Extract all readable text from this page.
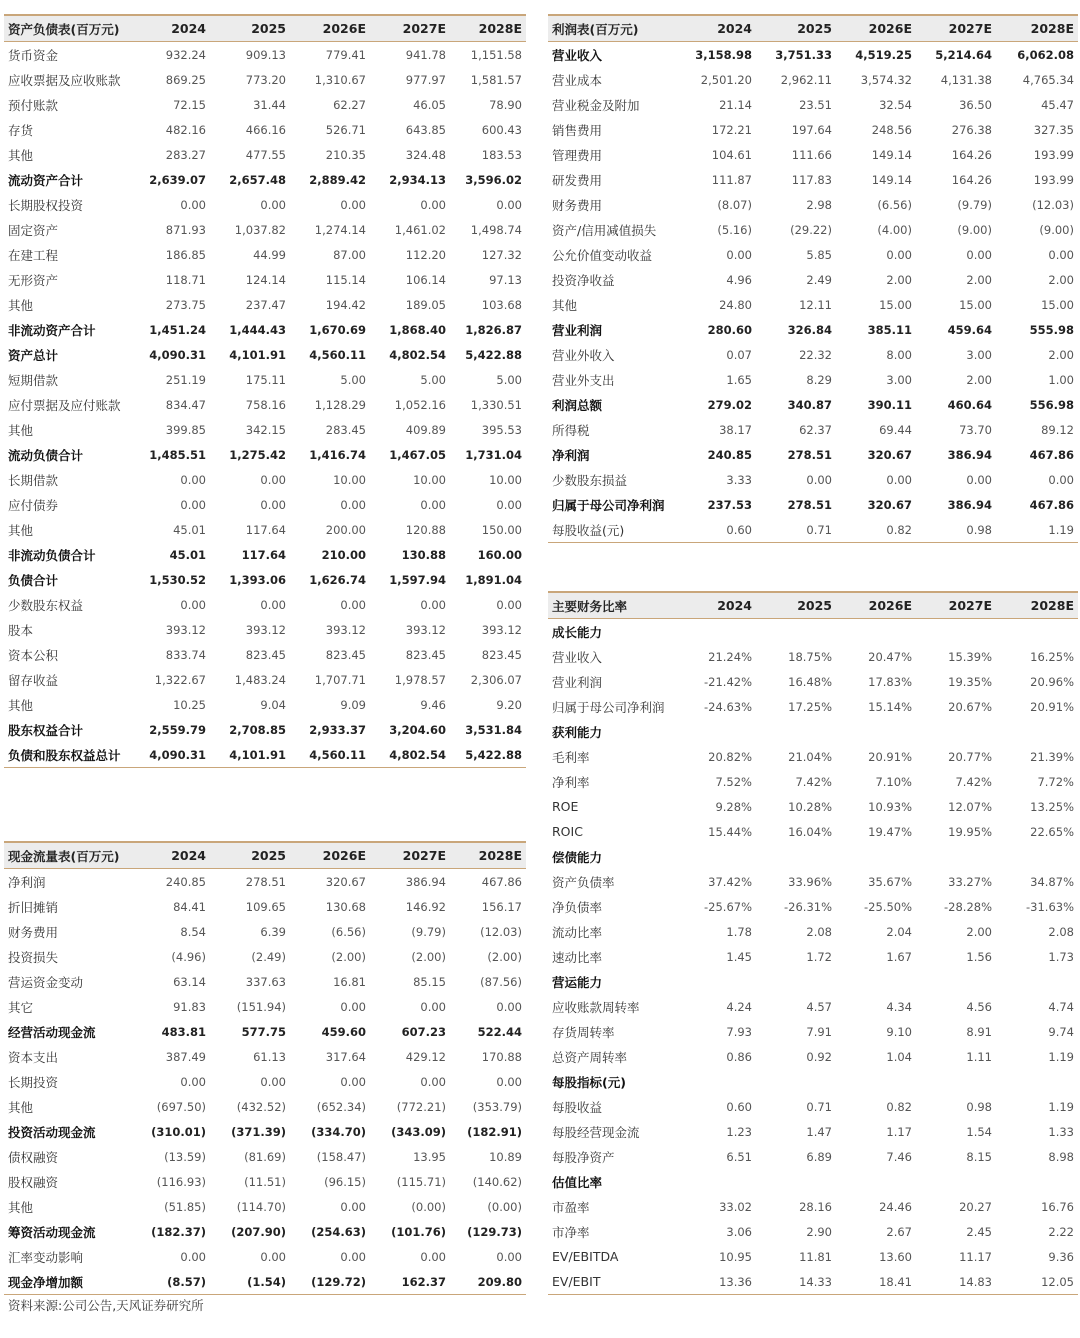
资产负债表(百万元)	2024	2025	2026E	2027E	2028E
货币资金	932.24	909.13	779.41	941.78	1,151.58
应收票据及应收账款	869.25	773.20	1,310.67	977.97	1,581.57
预付账款	72.15	31.44	62.27	46.05	78.90
存货	482.16	466.16	526.71	643.85	600.43
其他	283.27	477.55	210.35	324.48	183.53
流动资产合计	2,639.07	2,657.48	2,889.42	2,934.13	3,596.02
长期股权投资	0.00	0.00	0.00	0.00	0.00
固定资产	871.93	1,037.82	1,274.14	1,461.02	1,498.74
在建工程	186.85	44.99	87.00	112.20	127.32
无形资产	118.71	124.14	115.14	106.14	97.13
其他	273.75	237.47	194.42	189.05	103.68
非流动资产合计	1,451.24	1,444.43	1,670.69	1,868.40	1,826.87
资产总计	4,090.31	4,101.91	4,560.11	4,802.54	5,422.88
短期借款	251.19	175.11	5.00	5.00	5.00
应付票据及应付账款	834.47	758.16	1,128.29	1,052.16	1,330.51
其他	399.85	342.15	283.45	409.89	395.53
流动负债合计	1,485.51	1,275.42	1,416.74	1,467.05	1,731.04
长期借款	0.00	0.00	10.00	10.00	10.00
应付债券	0.00	0.00	0.00	0.00	0.00
其他	45.01	117.64	200.00	120.88	150.00
非流动负债合计	45.01	117.64	210.00	130.88	160.00
负债合计	1,530.52	1,393.06	1,626.74	1,597.94	1,891.04
少数股东权益	0.00	0.00	0.00	0.00	0.00
股本	393.12	393.12	393.12	393.12	393.12
资本公积	833.74	823.45	823.45	823.45	823.45
留存收益	1,322.67	1,483.24	1,707.71	1,978.57	2,306.07
其他	10.25	9.04	9.09	9.46	9.20
股东权益合计	2,559.79	2,708.85	2,933.37	3,204.60	3,531.84
负债和股东权益总计	4,090.31	4,101.91	4,560.11	4,802.54	5,422.88
利润表(百万元)	2024	2025	2026E	2027E	2028E
营业收入	3,158.98	3,751.33	4,519.25	5,214.64	6,062.08
营业成本	2,501.20	2,962.11	3,574.32	4,131.38	4,765.34
营业税金及附加	21.14	23.51	32.54	36.50	45.47
销售费用	172.21	197.64	248.56	276.38	327.35
管理费用	104.61	111.66	149.14	164.26	193.99
研发费用	111.87	117.83	149.14	164.26	193.99
财务费用	(8.07)	2.98	(6.56)	(9.79)	(12.03)
资产/信用减值损失	(5.16)	(29.22)	(4.00)	(9.00)	(9.00)
公允价值变动收益	0.00	5.85	0.00	0.00	0.00
投资净收益	4.96	2.49	2.00	2.00	2.00
其他	24.80	12.11	15.00	15.00	15.00
营业利润	280.60	326.84	385.11	459.64	555.98
营业外收入	0.07	22.32	8.00	3.00	2.00
营业外支出	1.65	8.29	3.00	2.00	1.00
利润总额	279.02	340.87	390.11	460.64	556.98
所得税	38.17	62.37	69.44	73.70	89.12
净利润	240.85	278.51	320.67	386.94	467.86
少数股东损益	3.33	0.00	0.00	0.00	0.00
归属于母公司净利润	237.53	278.51	320.67	386.94	467.86
每股收益(元)	0.60	0.71	0.82	0.98	1.19
现金流量表(百万元)	2024	2025	2026E	2027E	2028E
净利润	240.85	278.51	320.67	386.94	467.86
折旧摊销	84.41	109.65	130.68	146.92	156.17
财务费用	8.54	6.39	(6.56)	(9.79)	(12.03)
投资损失	(4.96)	(2.49)	(2.00)	(2.00)	(2.00)
营运资金变动	63.14	337.63	16.81	85.15	(87.56)
其它	91.83	(151.94)	0.00	0.00	0.00
经营活动现金流	483.81	577.75	459.60	607.23	522.44
资本支出	387.49	61.13	317.64	429.12	170.88
长期投资	0.00	0.00	0.00	0.00	0.00
其他	(697.50)	(432.52)	(652.34)	(772.21)	(353.79)
投资活动现金流	(310.01)	(371.39)	(334.70)	(343.09)	(182.91)
债权融资	(13.59)	(81.69)	(158.47)	13.95	10.89
股权融资	(116.93)	(11.51)	(96.15)	(115.71)	(140.62)
其他	(51.85)	(114.70)	0.00	(0.00)	(0.00)
筹资活动现金流	(182.37)	(207.90)	(254.63)	(101.76)	(129.73)
汇率变动影响	0.00	0.00	0.00	0.00	0.00
现金净增加额	(8.57)	(1.54)	(129.72)	162.37	209.80
主要财务比率	2024	2025	2026E	2027E	2028E
成长能力					
营业收入	21.24%	18.75%	20.47%	15.39%	16.25%
营业利润	-21.42%	16.48%	17.83%	19.35%	20.96%
归属于母公司净利润	-24.63%	17.25%	15.14%	20.67%	20.91%
获利能力					
毛利率	20.82%	21.04%	20.91%	20.77%	21.39%
净利率	7.52%	7.42%	7.10%	7.42%	7.72%
ROE	9.28%	10.28%	10.93%	12.07%	13.25%
ROIC	15.44%	16.04%	19.47%	19.95%	22.65%
偿债能力					
资产负债率	37.42%	33.96%	35.67%	33.27%	34.87%
净负债率	-25.67%	-26.31%	-25.50%	-28.28%	-31.63%
流动比率	1.78	2.08	2.04	2.00	2.08
速动比率	1.45	1.72	1.67	1.56	1.73
营运能力					
应收账款周转率	4.24	4.57	4.34	4.56	4.74
存货周转率	7.93	7.91	9.10	8.91	9.74
总资产周转率	0.86	0.92	1.04	1.11	1.19
每股指标(元)					
每股收益	0.60	0.71	0.82	0.98	1.19
每股经营现金流	1.23	1.47	1.17	1.54	1.33
每股净资产	6.51	6.89	7.46	8.15	8.98
估值比率					
市盈率	33.02	28.16	24.46	20.27	16.76
市净率	3.06	2.90	2.67	2.45	2.22
EV/EBITDA	10.95	11.81	13.60	11.17	9.36
EV/EBIT	13.36	14.33	18.41	14.83	12.05
资料来源:公司公告,天风证券研究所
